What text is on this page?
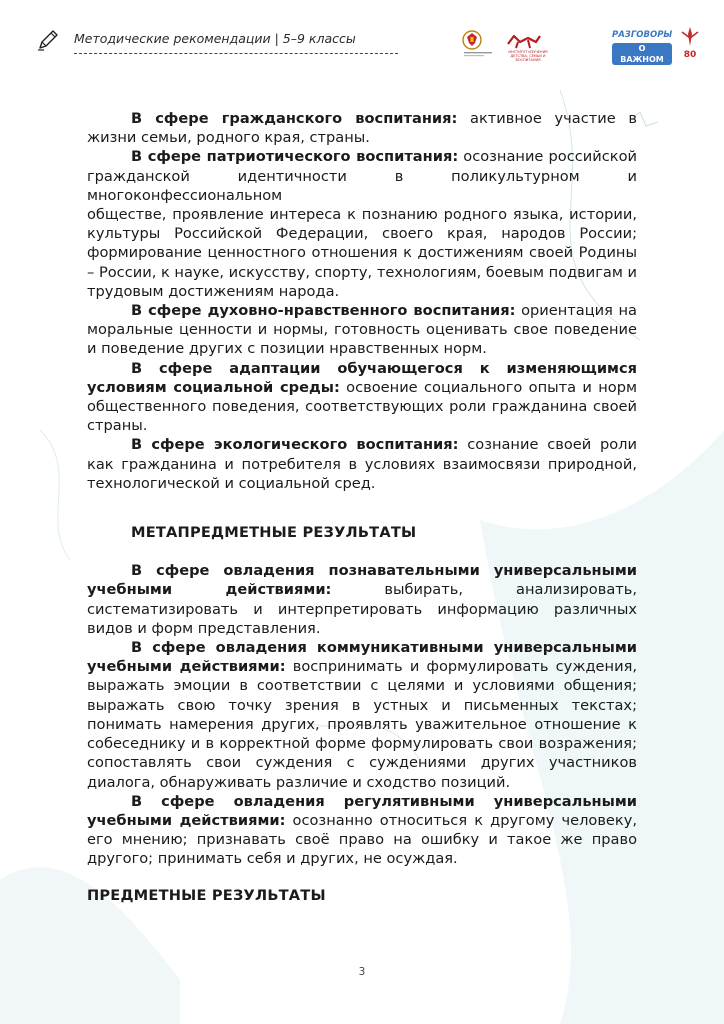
Методические рекомендации | 5–9 классы
ИНСТИТУТ ИЗУЧЕНИЯ ДЕТСТВА, СЕМЬИ И ВОСПИТАНИЯ
РАЗГОВОРЫ
О ВАЖНОМ	80

В сфере гражданского воспитания: активное участие в жизни семьи, родного края, страны.

В сфере патриотического воспитания: осознание российской гражданской идентичности в поликультурном и многоконфессиональном

обществе, проявление интереса к познанию родного языка, истории, культуры Российской Федерации, своего края, народов России; формирование ценностного отношения к достижениям своей Родины – России, к науке, искусству, спорту, технологиям, боевым подвигам и трудовым достижениям народа.

В сфере духовно-нравственного воспитания: ориентация на моральные ценности и нормы, готовность оценивать свое поведение и поведение других с позиции нравственных норм.

В сфере адаптации обучающегося к изменяющимся условиям социальной среды: освоение социального опыта и норм общественного поведения, соответствующих роли гражданина своей страны.

В сфере экологического воспитания: сознание своей роли как гражданина и потребителя в условиях взаимосвязи природной, технологической и социальной сред.

МЕТАПРЕДМЕТНЫЕ РЕЗУЛЬТАТЫ

В сфере овладения познавательными универсальными учебными действиями: выбирать, анализировать, систематизировать и интерпретировать информацию различных видов и форм представления.

В сфере овладения коммуникативными универсальными учебными действиями: воспринимать и формулировать суждения, выражать эмоции в соответствии с целями и условиями общения; выражать свою точку зрения в устных и письменных текстах; понимать намерения других, проявлять уважительное отношение к собеседнику и в корректной форме формулировать свои возражения; сопоставлять свои суждения с суждениями других участников диалога, обнаруживать различие и сходство позиций.

В сфере овладения регулятивными универсальными учебными действиями: осознанно относиться к другому человеку, его мнению; признавать своё право на ошибку и такое же право другого; принимать себя и других, не осуждая.

ПРЕДМЕТНЫЕ РЕЗУЛЬТАТЫ
3
